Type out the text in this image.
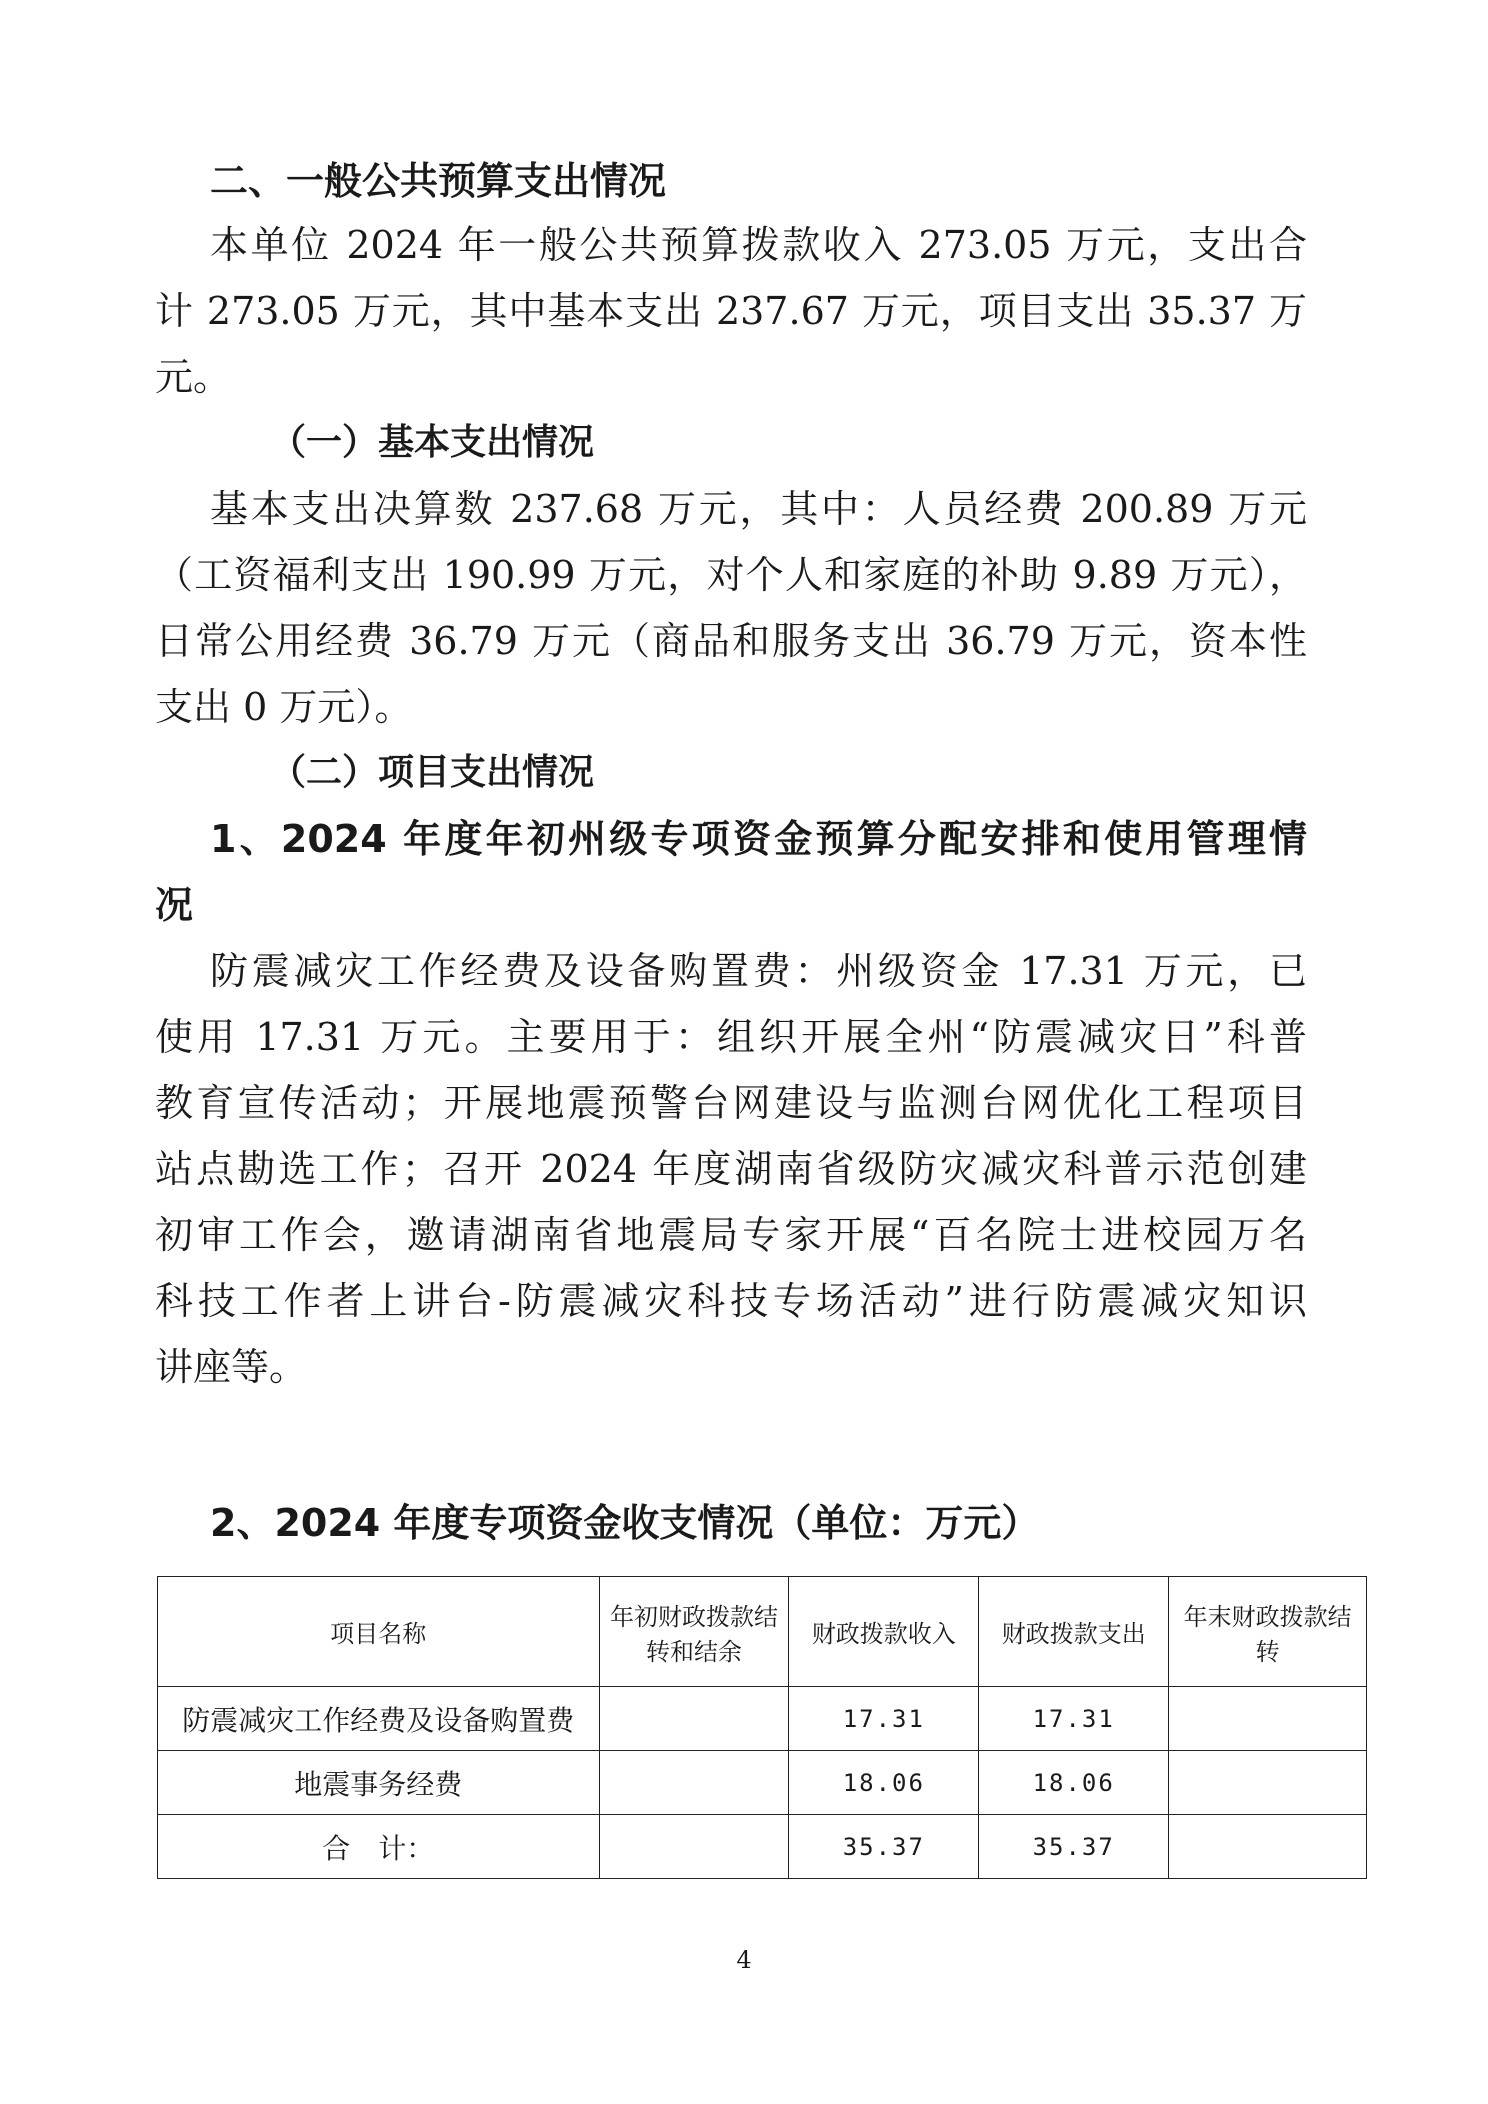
二、一般公共预算支出情况

本单位 2024 年一般公共预算拨款收入 273.05 万元，支出合

计 273.05 万元，其中基本支出 237.67 万元，项目支出 35.37 万

元。

（一）基本支出情况

基本支出决算数 237.68 万元，其中：人员经费 200.89 万元

（工资福利支出 190.99 万元，对个人和家庭的补助 9.89 万元），

日常公用经费 36.79 万元（商品和服务支出 36.79 万元，资本性

支出 0 万元）。

（二）项目支出情况

1、2024 年度年初州级专项资金预算分配安排和使用管理情

况

防震减灾工作经费及设备购置费：州级资金 17.31 万元，已

使用 17.31 万元。主要用于：组织开展全州“防震减灾日”科普

教育宣传活动；开展地震预警台网建设与监测台网优化工程项目

站点勘选工作；召开 2024 年度湖南省级防灾减灾科普示范创建

初审工作会，邀请湖南省地震局专家开展“百名院士进校园万名

科技工作者上讲台-防震减灾科技专场活动”进行防震减灾知识

讲座等。

2、2024 年度专项资金收支情况（单位：万元）

项目名称	年初财政拨款结转和结余	财政拨款收入	财政拨款支出	年末财政拨款结转
防震减灾工作经费及设备购置费		17.31	17.31	
地震事务经费		18.06	18.06	
合　计：		35.37	35.37	
4
